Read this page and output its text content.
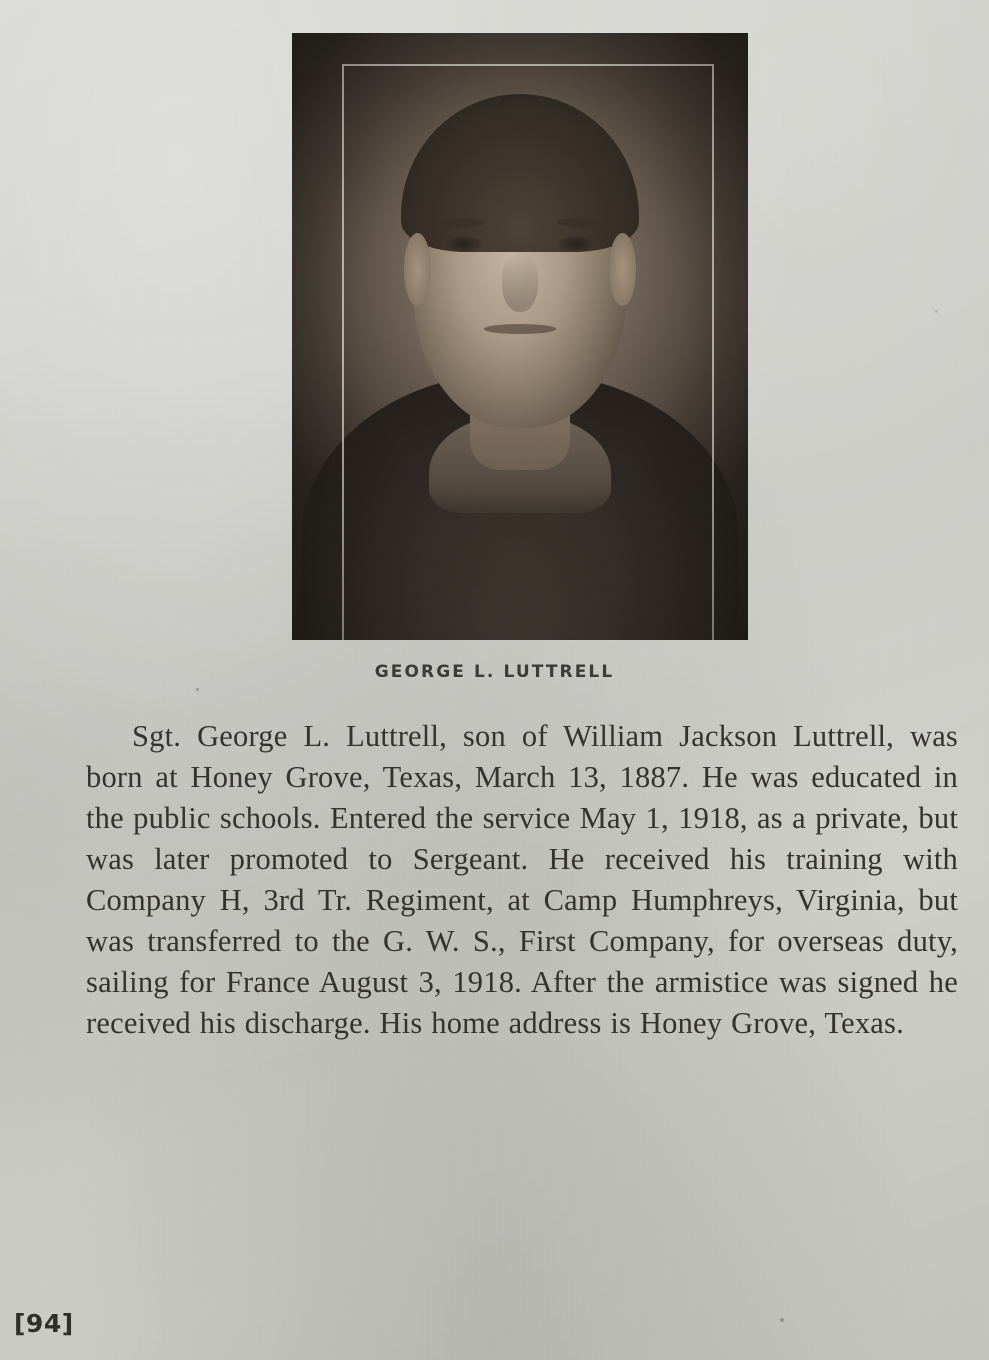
GEORGE L. LUTTRELL
Sgt. George L. Luttrell, son of William Jackson Luttrell, was born at Honey Grove, Texas, March 13, 1887. He was educated in the public schools. Entered the service May 1, 1918, as a private, but was later promoted to Sergeant. He received his training with Company H, 3rd Tr. Regiment, at Camp Humphreys, Virginia, but was transferred to the G. W. S., First Company, for overseas duty, sailing for France August 3, 1918. After the armistice was signed he received his discharge. His home address is Honey Grove, Texas.
[94]
